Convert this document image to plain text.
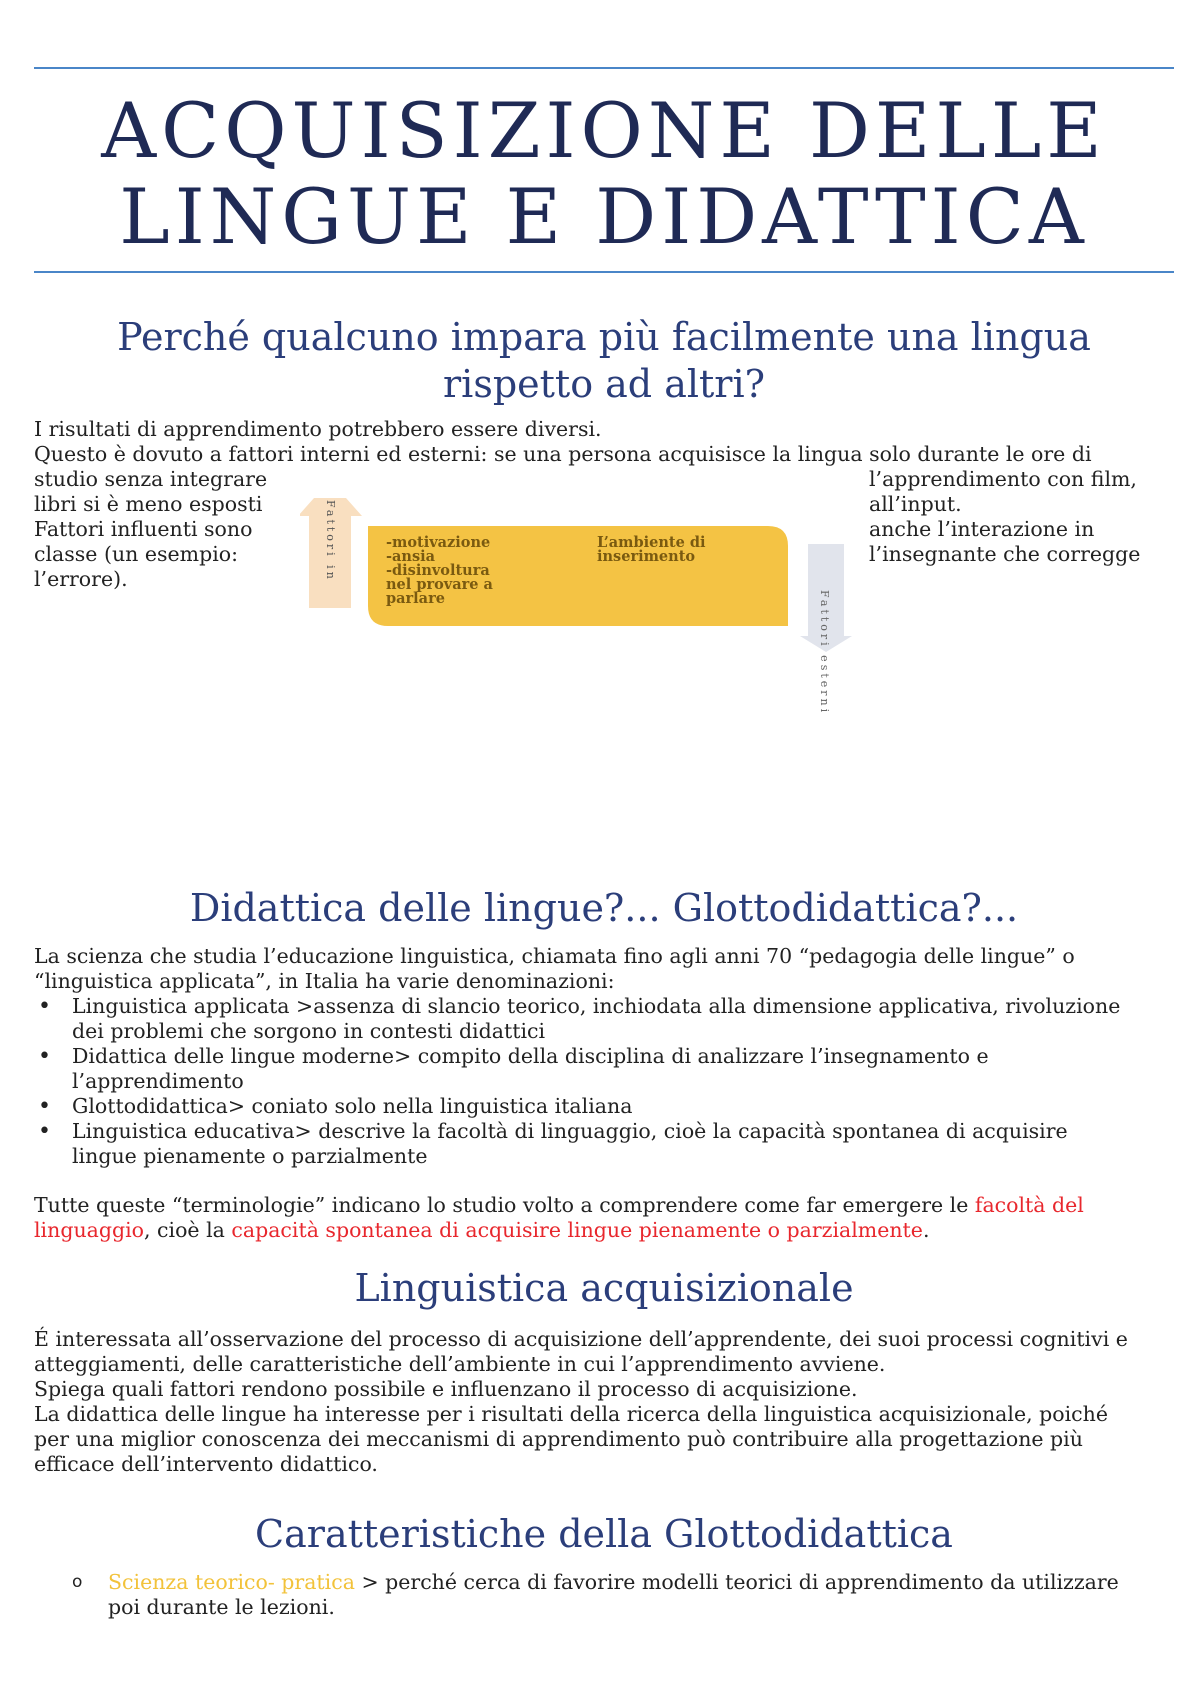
ACQUISIZIONE DELLE
LINGUE E DIDATTICA
Perché qualcuno impara più facilmente una lingua
rispetto ad altri?

I risultati di apprendimento potrebbero essere diversi.

Questo è dovuto a fattori interni ed esterni: se una persona acquisisce la lingua solo durante le ore di

studio senza integrare
libri si è meno esposti
Fattori influenti sono
classe (un esempio:
l’errore).
l’apprendimento con film,
all’input.
anche l’interazione in
l’insegnante che corregge
Fattori in
Fattori esterni
-motivazione
-ansia
-disinvoltura
nel provare a
parlare
L’ambiente di
inserimento
Didattica delle lingue?... Glottodidattica?...

La scienza che studia l’educazione linguistica, chiamata fino agli anni 70 “pedagogia delle lingue” o

“linguistica applicata”, in Italia ha varie denominazioni:

• Linguistica applicata >assenza di slancio teorico, inchiodata alla dimensione applicativa, rivoluzione
dei problemi che sorgono in contesti didattici
• Didattica delle lingue moderne> compito della disciplina di analizzare l’insegnamento e
l’apprendimento
• Glottodidattica> coniato solo nella linguistica italiana
• Linguistica educativa> descrive la facoltà di linguaggio, cioè la capacità spontanea di acquisire
lingue pienamente o parzialmente

Tutte queste “terminologie” indicano lo studio volto a comprendere come far emergere le facoltà del linguaggio, cioè la capacità spontanea di acquisire lingue pienamente o parzialmente.

Linguistica acquisizionale

É interessata all’osservazione del processo di acquisizione dell’apprendente, dei suoi processi cognitivi e

atteggiamenti, delle caratteristiche dell’ambiente in cui l’apprendimento avviene.

Spiega quali fattori rendono possibile e influenzano il processo di acquisizione.

La didattica delle lingue ha interesse per i risultati della ricerca della linguistica acquisizionale, poiché

per una miglior conoscenza dei meccanismi di apprendimento può contribuire alla progettazione più

efficace dell’intervento didattico.

Caratteristiche della Glottodidattica
o Scienza teorico- pratica > perché cerca di favorire modelli teorici di apprendimento da utilizzare
poi durante le lezioni.
